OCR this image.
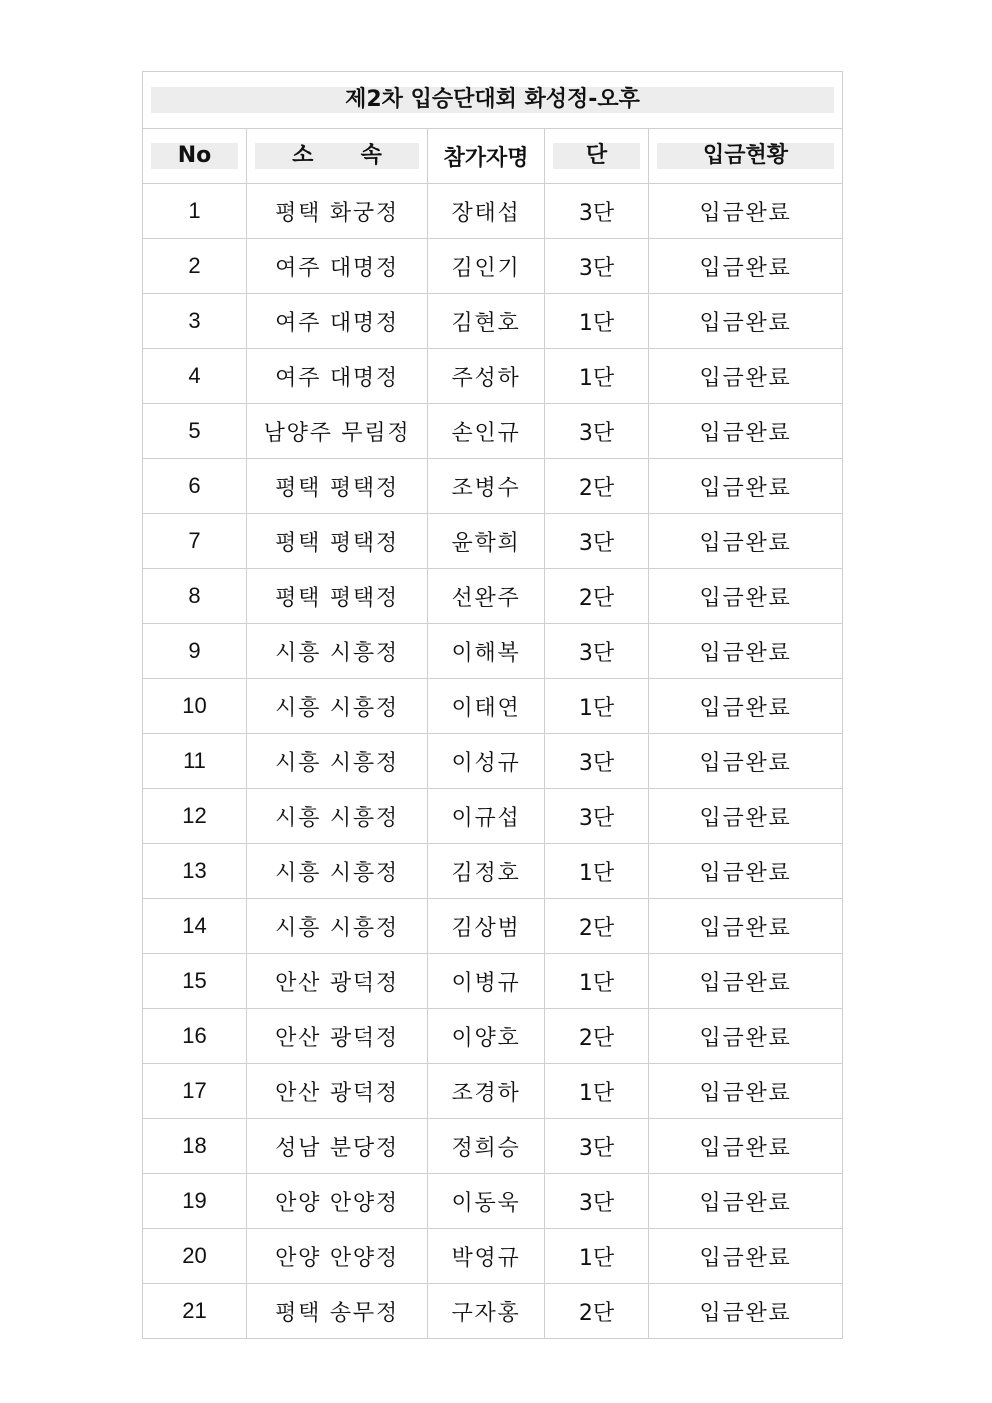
제2차 입승단대회 화성정-오후				

No	소 속	참가자명	단	입금현황

1	평택 화궁정	장태섭	3단	입금완료
2	여주 대명정	김인기	3단	입금완료
3	여주 대명정	김현호	1단	입금완료
4	여주 대명정	주성하	1단	입금완료
5	남양주 무림정	손인규	3단	입금완료
6	평택 평택정	조병수	2단	입금완료
7	평택 평택정	윤학희	3단	입금완료
8	평택 평택정	선완주	2단	입금완료
9	시흥 시흥정	이해복	3단	입금완료
10	시흥 시흥정	이태연	1단	입금완료
11	시흥 시흥정	이성규	3단	입금완료
12	시흥 시흥정	이규섭	3단	입금완료
13	시흥 시흥정	김정호	1단	입금완료
14	시흥 시흥정	김상범	2단	입금완료
15	안산 광덕정	이병규	1단	입금완료
16	안산 광덕정	이양호	2단	입금완료
17	안산 광덕정	조경하	1단	입금완료
18	성남 분당정	정희승	3단	입금완료
19	안양 안양정	이동욱	3단	입금완료
20	안양 안양정	박영규	1단	입금완료
21	평택 송무정	구자홍	2단	입금완료
